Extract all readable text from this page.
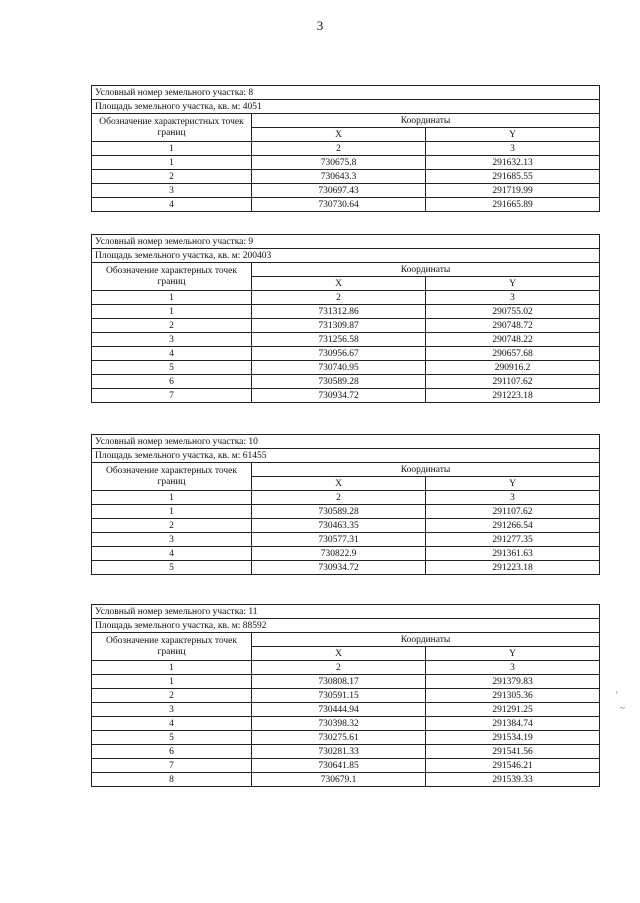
3
Условный номер земельного участка: 8		
Площадь земельного участка, кв. м: 4051		
Обозначение характеристных точек границ	Координаты	
	X	Y
1	2	3
1	730675.8	291632.13
2	730643.3	291685.55
3	730697.43	291719.99
4	730730.64	291665.89
Условный номер земельного участка: 9		
Площадь земельного участка, кв. м: 200403		
Обозначение характерных точек границ	Координаты	
	X	Y
1	2	3
1	731312.86	290755.02
2	731309.87	290748.72
3	731256.58	290748.22
4	730956.67	290657.68
5	730740.95	290916.2
6	730589.28	291107.62
7	730934.72	291223.18
Условный номер земельного участка: 10		
Площадь земельного участка, кв. м: 61455		
Обозначение характерных точек границ	Координаты	
	X	Y
1	2	3
1	730589.28	291107.62
2	730463.35	291266.54
3	730577.31	291277.35
4	730822.9	291361.63
5	730934.72	291223.18
Условный номер земельного участка: 11		
Площадь земельного участка, кв. м: 88592		
Обозначение характерных точек границ	Координаты	
	X	Y
1	2	3
1	730808.17	291379.83
2	730591.15	291305.36
3	730444.94	291291.25
4	730398.32	291384.74
5	730275.61	291534.19
6	730281.33	291541.56
7	730641.85	291546.21
8	730679.1	291539.33
'
~
